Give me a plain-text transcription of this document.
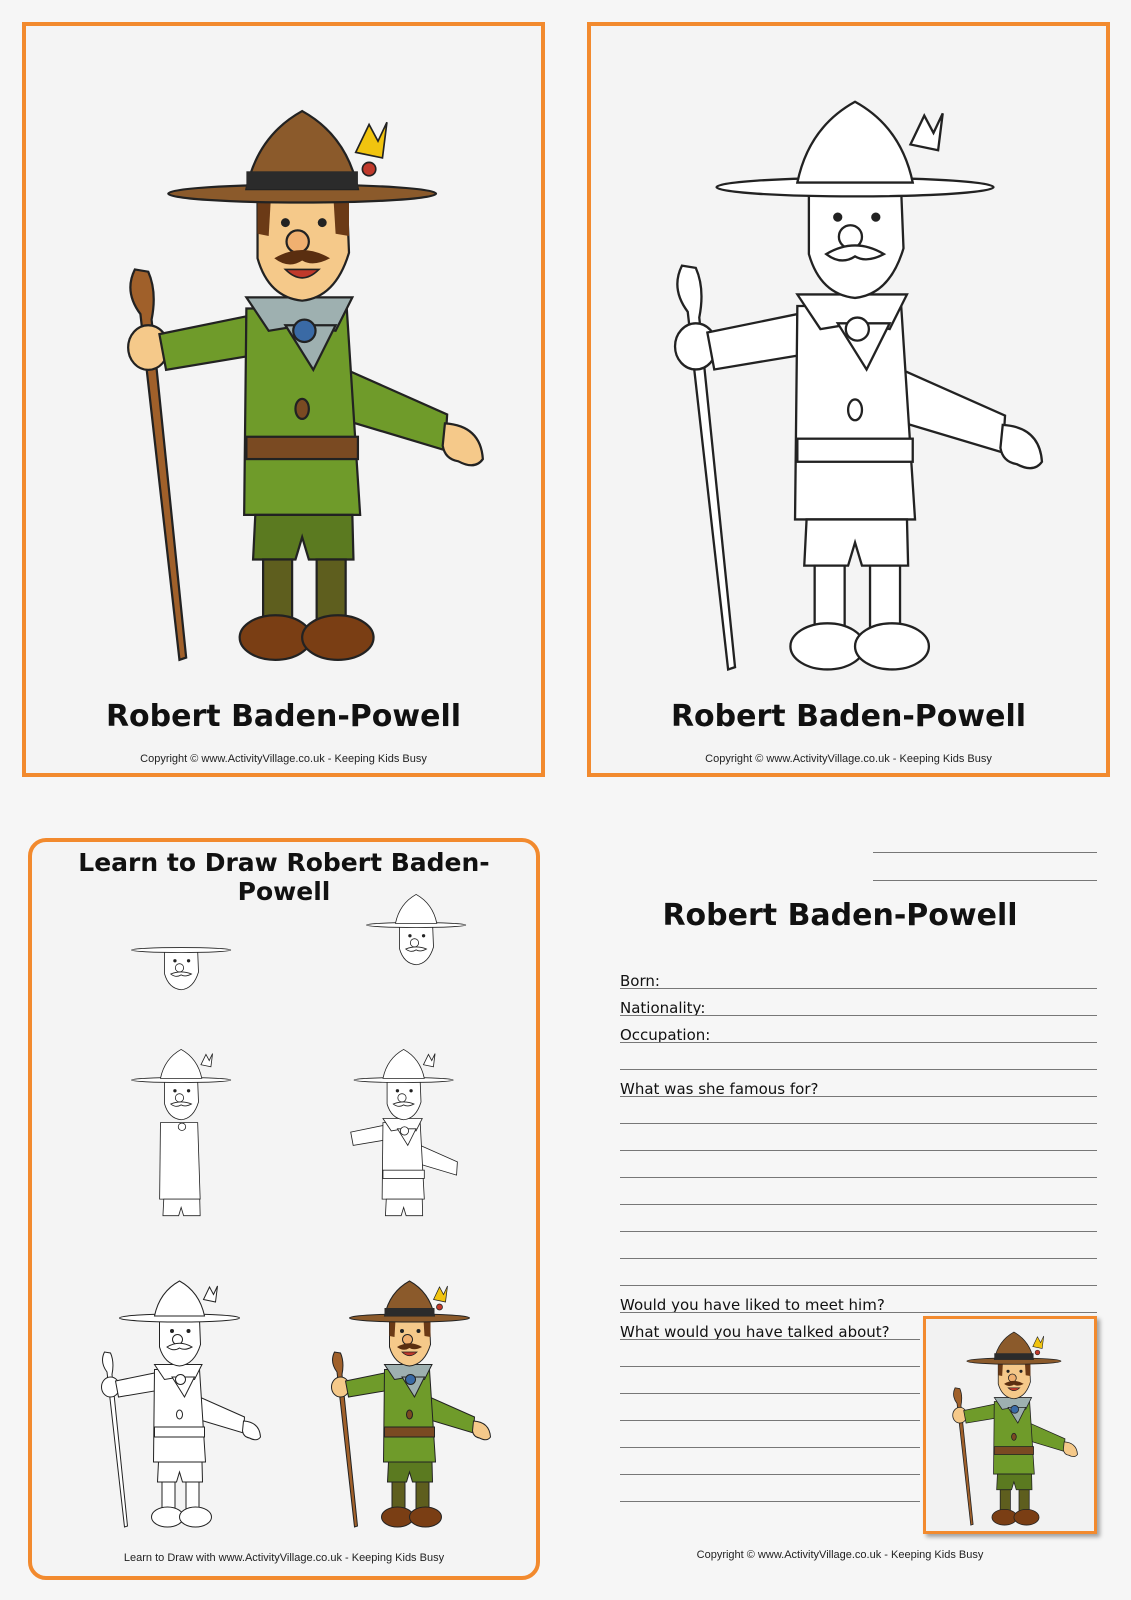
Robert Baden-Powell
Copyright © www.ActivityVillage.co.uk - Keeping Kids Busy
Robert Baden-Powell
Copyright © www.ActivityVillage.co.uk - Keeping Kids Busy
Learn to Draw Robert Baden-Powell
Learn to Draw with www.ActivityVillage.co.uk - Keeping Kids Busy
Robert Baden-Powell
Born:
Nationality:
Occupation:
What was she famous for?
Would you have liked to meet him?
What would you have talked about?
Copyright © www.ActivityVillage.co.uk - Keeping Kids Busy
